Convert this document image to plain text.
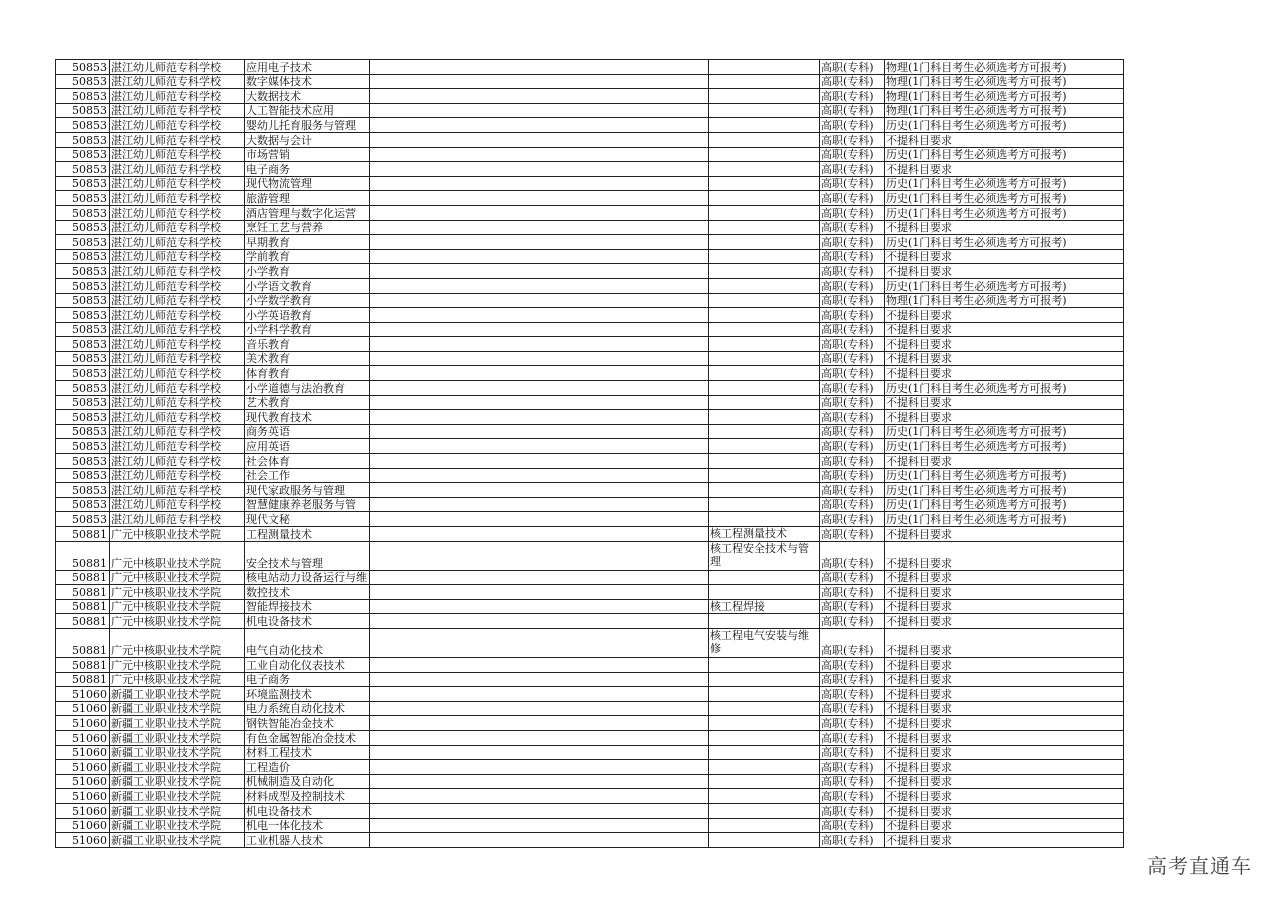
50853	湛江幼儿师范专科学校	应用电子技术			高职(专科)	物理(1门科目考生必须选考方可报考)
50853	湛江幼儿师范专科学校	数字媒体技术			高职(专科)	物理(1门科目考生必须选考方可报考)
50853	湛江幼儿师范专科学校	大数据技术			高职(专科)	物理(1门科目考生必须选考方可报考)
50853	湛江幼儿师范专科学校	人工智能技术应用			高职(专科)	物理(1门科目考生必须选考方可报考)
50853	湛江幼儿师范专科学校	婴幼儿托育服务与管理			高职(专科)	历史(1门科目考生必须选考方可报考)
50853	湛江幼儿师范专科学校	大数据与会计			高职(专科)	不提科目要求
50853	湛江幼儿师范专科学校	市场营销			高职(专科)	历史(1门科目考生必须选考方可报考)
50853	湛江幼儿师范专科学校	电子商务			高职(专科)	不提科目要求
50853	湛江幼儿师范专科学校	现代物流管理			高职(专科)	历史(1门科目考生必须选考方可报考)
50853	湛江幼儿师范专科学校	旅游管理			高职(专科)	历史(1门科目考生必须选考方可报考)
50853	湛江幼儿师范专科学校	酒店管理与数字化运营			高职(专科)	历史(1门科目考生必须选考方可报考)
50853	湛江幼儿师范专科学校	烹饪工艺与营养			高职(专科)	不提科目要求
50853	湛江幼儿师范专科学校	早期教育			高职(专科)	历史(1门科目考生必须选考方可报考)
50853	湛江幼儿师范专科学校	学前教育			高职(专科)	不提科目要求
50853	湛江幼儿师范专科学校	小学教育			高职(专科)	不提科目要求
50853	湛江幼儿师范专科学校	小学语文教育			高职(专科)	历史(1门科目考生必须选考方可报考)
50853	湛江幼儿师范专科学校	小学数学教育			高职(专科)	物理(1门科目考生必须选考方可报考)
50853	湛江幼儿师范专科学校	小学英语教育			高职(专科)	不提科目要求
50853	湛江幼儿师范专科学校	小学科学教育			高职(专科)	不提科目要求
50853	湛江幼儿师范专科学校	音乐教育			高职(专科)	不提科目要求
50853	湛江幼儿师范专科学校	美术教育			高职(专科)	不提科目要求
50853	湛江幼儿师范专科学校	体育教育			高职(专科)	不提科目要求
50853	湛江幼儿师范专科学校	小学道德与法治教育			高职(专科)	历史(1门科目考生必须选考方可报考)
50853	湛江幼儿师范专科学校	艺术教育			高职(专科)	不提科目要求
50853	湛江幼儿师范专科学校	现代教育技术			高职(专科)	不提科目要求
50853	湛江幼儿师范专科学校	商务英语			高职(专科)	历史(1门科目考生必须选考方可报考)
50853	湛江幼儿师范专科学校	应用英语			高职(专科)	历史(1门科目考生必须选考方可报考)
50853	湛江幼儿师范专科学校	社会体育			高职(专科)	不提科目要求
50853	湛江幼儿师范专科学校	社会工作			高职(专科)	历史(1门科目考生必须选考方可报考)
50853	湛江幼儿师范专科学校	现代家政服务与管理			高职(专科)	历史(1门科目考生必须选考方可报考)
50853	湛江幼儿师范专科学校	智慧健康养老服务与管			高职(专科)	历史(1门科目考生必须选考方可报考)
50853	湛江幼儿师范专科学校	现代文秘			高职(专科)	历史(1门科目考生必须选考方可报考)
50881	广元中核职业技术学院	工程测量技术		核工程测量技术	高职(专科)	不提科目要求
50881	广元中核职业技术学院	安全技术与管理		核工程安全技术与管理	高职(专科)	不提科目要求
50881	广元中核职业技术学院	核电站动力设备运行与维			高职(专科)	不提科目要求
50881	广元中核职业技术学院	数控技术			高职(专科)	不提科目要求
50881	广元中核职业技术学院	智能焊接技术		核工程焊接	高职(专科)	不提科目要求
50881	广元中核职业技术学院	机电设备技术			高职(专科)	不提科目要求
50881	广元中核职业技术学院	电气自动化技术		核工程电气安装与维修	高职(专科)	不提科目要求
50881	广元中核职业技术学院	工业自动化仪表技术			高职(专科)	不提科目要求
50881	广元中核职业技术学院	电子商务			高职(专科)	不提科目要求
51060	新疆工业职业技术学院	环境监测技术			高职(专科)	不提科目要求
51060	新疆工业职业技术学院	电力系统自动化技术			高职(专科)	不提科目要求
51060	新疆工业职业技术学院	钢铁智能冶金技术			高职(专科)	不提科目要求
51060	新疆工业职业技术学院	有色金属智能冶金技术			高职(专科)	不提科目要求
51060	新疆工业职业技术学院	材料工程技术			高职(专科)	不提科目要求
51060	新疆工业职业技术学院	工程造价			高职(专科)	不提科目要求
51060	新疆工业职业技术学院	机械制造及自动化			高职(专科)	不提科目要求
51060	新疆工业职业技术学院	材料成型及控制技术			高职(专科)	不提科目要求
51060	新疆工业职业技术学院	机电设备技术			高职(专科)	不提科目要求
51060	新疆工业职业技术学院	机电一体化技术			高职(专科)	不提科目要求
51060	新疆工业职业技术学院	工业机器人技术			高职(专科)	不提科目要求
高考直通车
